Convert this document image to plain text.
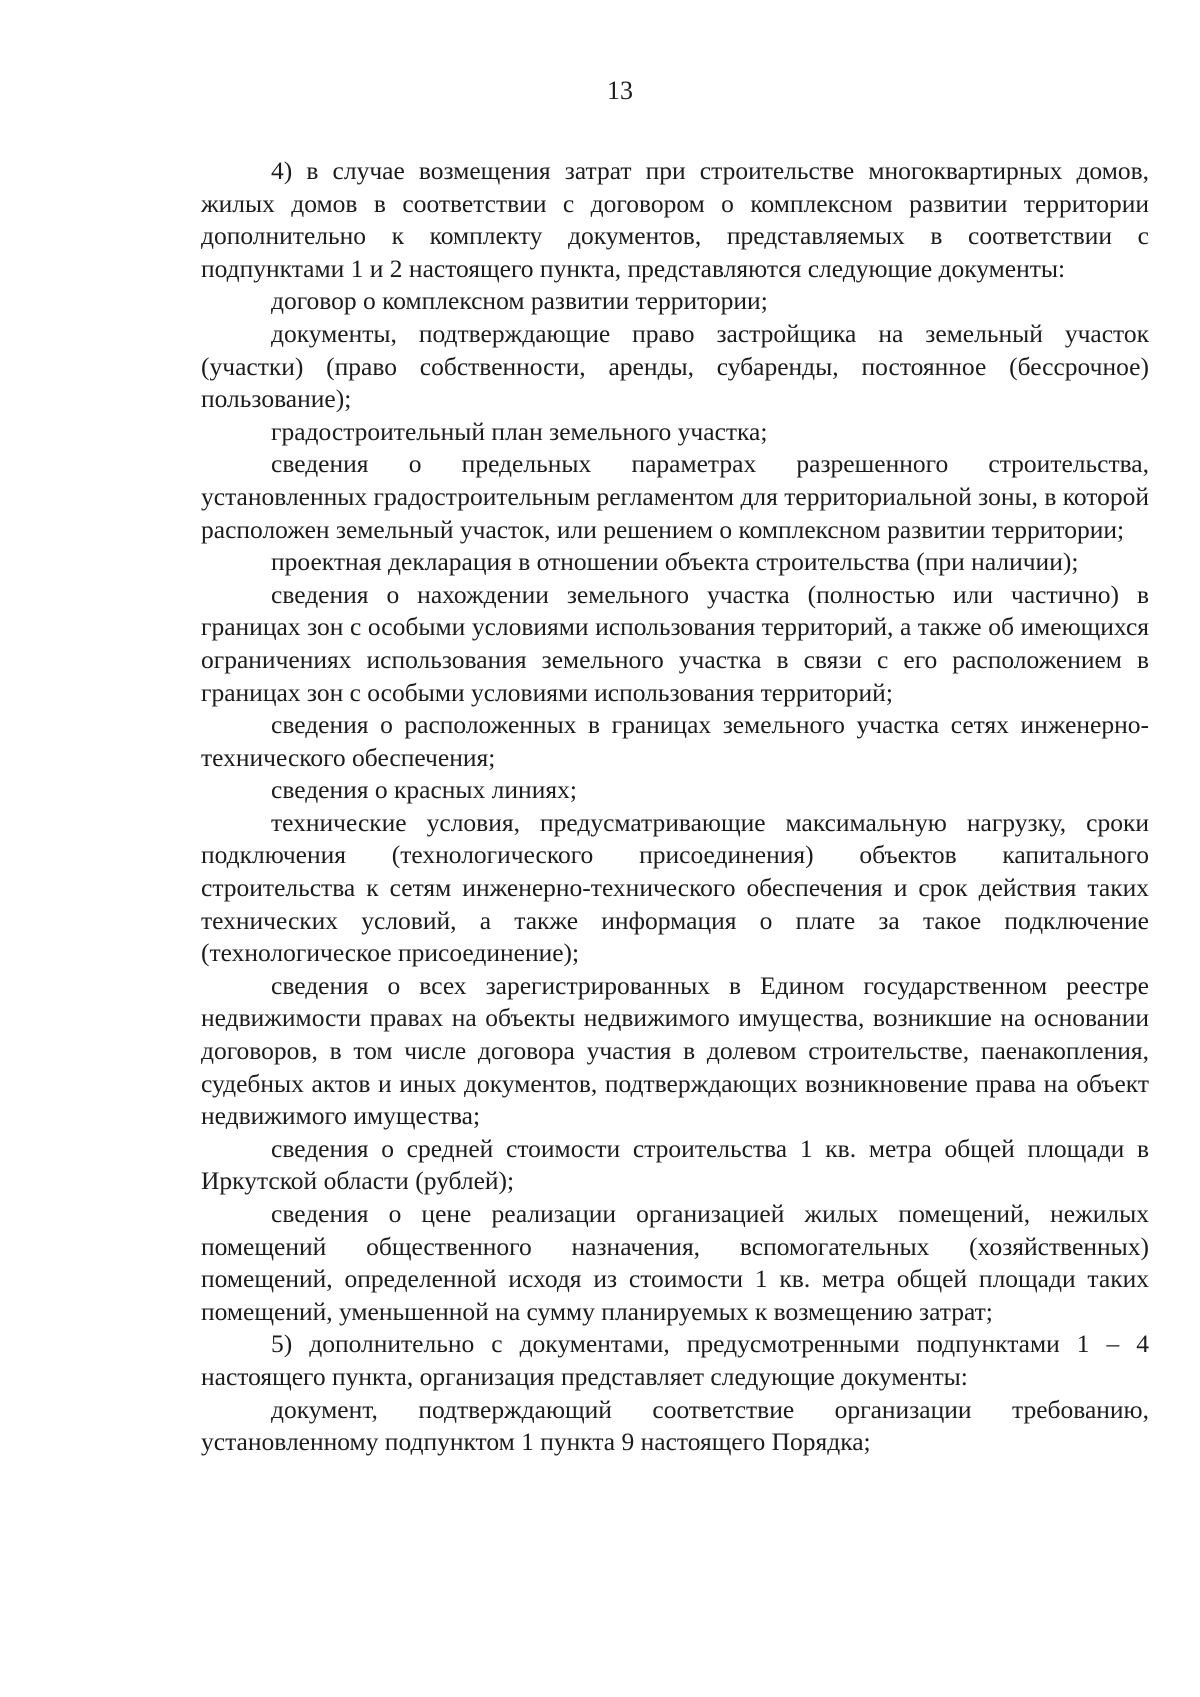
13

4) в случае возмещения затрат при строительстве многоквартирных домов, жилых домов в соответствии с договором о комплексном развитии территории дополнительно к комплекту документов, представляемых в соответствии с подпунктами 1 и 2 настоящего пункта, представляются следующие документы:

договор о комплексном развитии территории;

документы, подтверждающие право застройщика на земельный участок (участки) (право собственности, аренды, субаренды, постоянное (бессрочное) пользование);

градостроительный план земельного участка;

сведения о предельных параметрах разрешенного строительства, установленных градостроительным регламентом для территориальной зоны, в которой расположен земельный участок, или решением о комплексном развитии территории;

проектная декларация в отношении объекта строительства (при наличии);

сведения о нахождении земельного участка (полностью или частично) в границах зон с особыми условиями использования территорий, а также об имеющихся ограничениях использования земельного участка в связи с его расположением в границах зон с особыми условиями использования территорий;

сведения о расположенных в границах земельного участка сетях инженерно-технического обеспечения;

сведения о красных линиях;

технические условия, предусматривающие максимальную нагрузку, сроки подключения (технологического присоединения) объектов капитального строительства к сетям инженерно-технического обеспечения и срок действия таких технических условий, а также информация о плате за такое подключение (технологическое присоединение);

сведения о всех зарегистрированных в Едином государственном реестре недвижимости правах на объекты недвижимого имущества, возникшие на основании договоров, в том числе договора участия в долевом строительстве, паенакопления, судебных актов и иных документов, подтверждающих возникновение права на объект недвижимого имущества;

сведения о средней стоимости строительства 1 кв. метра общей площади в Иркутской области (рублей);

сведения о цене реализации организацией жилых помещений, нежилых помещений общественного назначения, вспомогательных (хозяйственных) помещений, определенной исходя из стоимости 1 кв. метра общей площади таких помещений, уменьшенной на сумму планируемых к возмещению затрат;

5) дополнительно с документами, предусмотренными подпунктами 1 – 4 настоящего пункта, организация представляет следующие документы:

документ, подтверждающий соответствие организации требованию, установленному подпунктом 1 пункта 9 настоящего Порядка;
